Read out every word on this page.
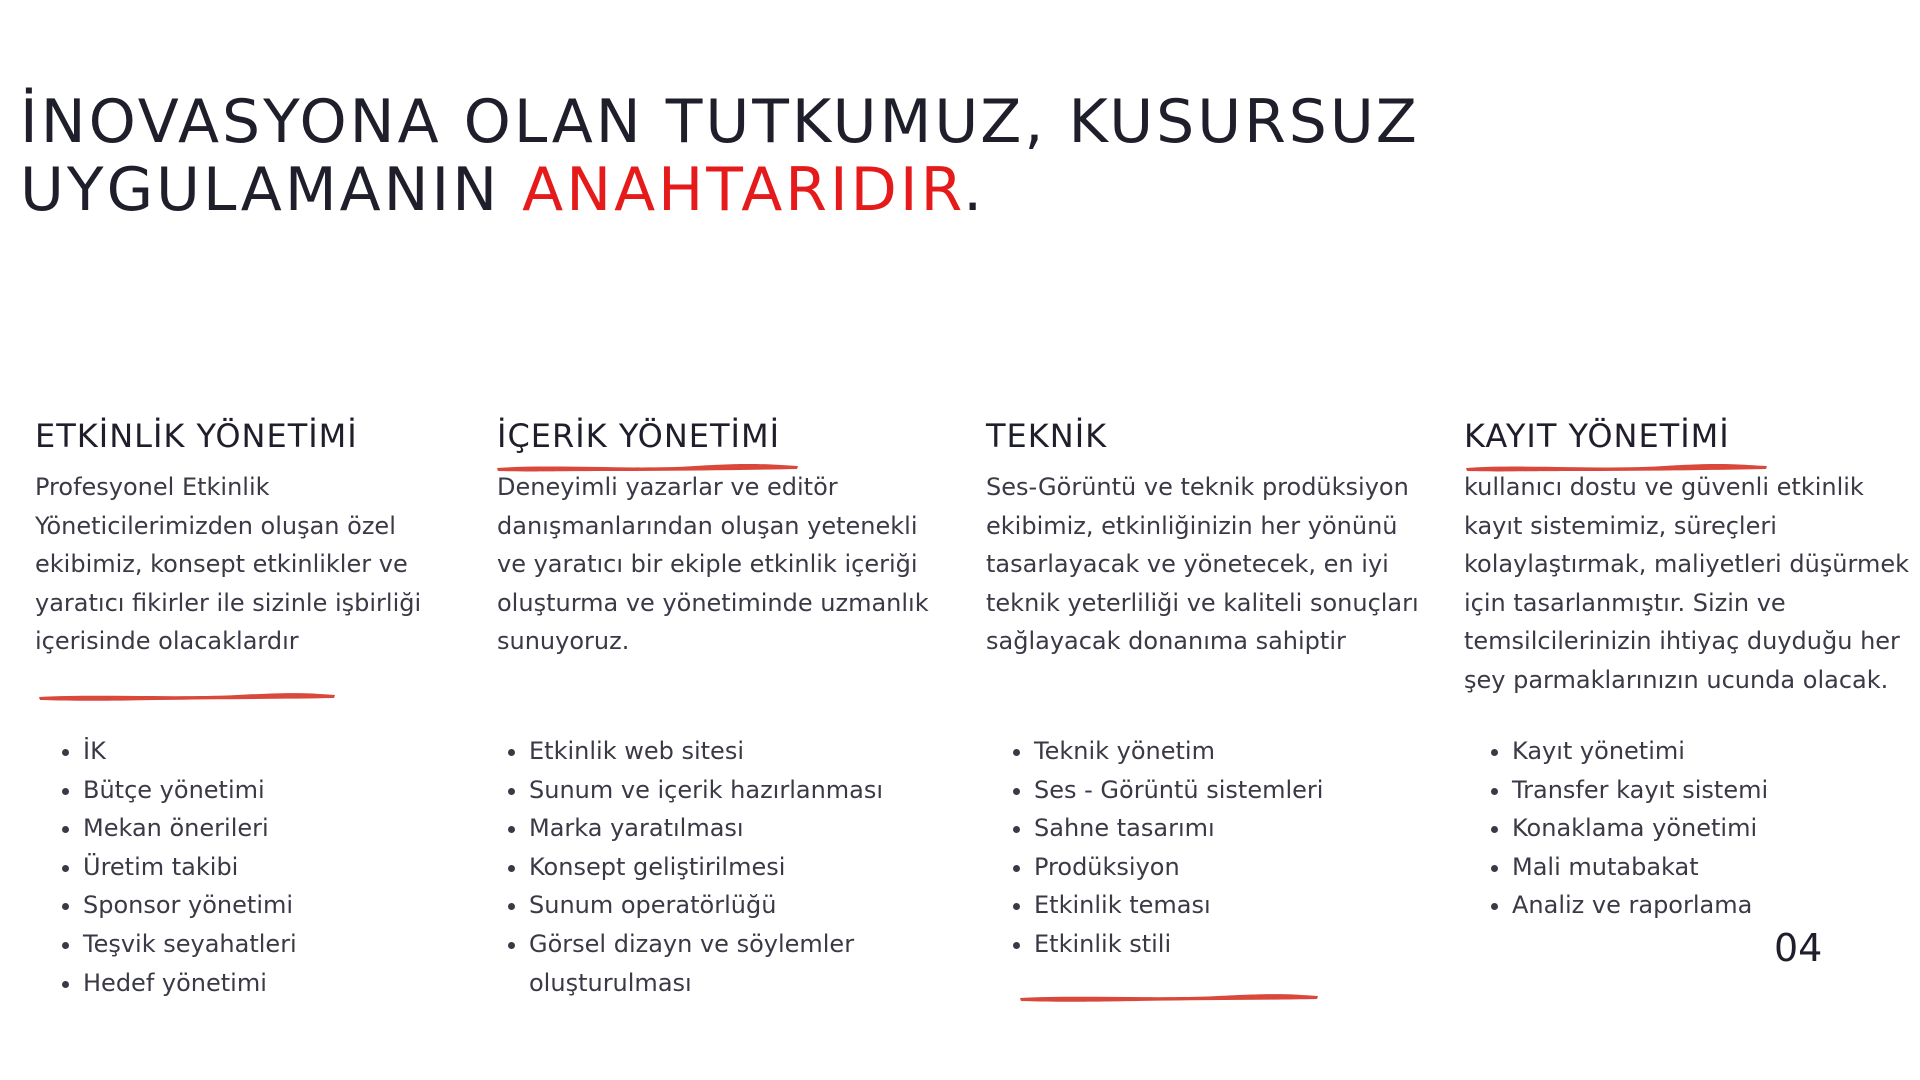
İNOVASYONA OLAN TUTKUMUZ, KUSURSUZ
UYGULAMANIN ANAHTARIDIR.
ETKİNLİK YÖNETİMİ

Profesyonel Etkinlik Yöneticilerimizden oluşan özel ekibimiz, konsept etkinlikler ve yaratıcı fikirler ile sizinle işbirliği içerisinde olacaklardır

• İK
• Bütçe yönetimi
• Mekan önerileri
• Üretim takibi
• Sponsor yönetimi
• Teşvik seyahatleri
• Hedef yönetimi
İÇERİK YÖNETİMİ

Deneyimli yazarlar ve editör danışmanlarından oluşan yetenekli ve yaratıcı bir ekiple etkinlik içeriği oluşturma ve yönetiminde uzmanlık sunuyoruz.

• Etkinlik web sitesi
• Sunum ve içerik hazırlanması
• Marka yaratılması
• Konsept geliştirilmesi
• Sunum operatörlüğü
• Görsel dizayn ve söylemler oluşturulması
TEKNİK

Ses-Görüntü ve teknik prodüksiyon ekibimiz, etkinliğinizin her yönünü tasarlayacak ve yönetecek, en iyi teknik yeterliliği ve kaliteli sonuçları sağlayacak donanıma sahiptir

• Teknik yönetim
• Ses - Görüntü sistemleri
• Sahne tasarımı
• Prodüksiyon
• Etkinlik teması
• Etkinlik stili
KAYIT YÖNETİMİ

kullanıcı dostu ve güvenli etkinlik kayıt sistemimiz, süreçleri kolaylaştırmak, maliyetleri düşürmek için tasarlanmıştır. Sizin ve temsilcilerinizin ihtiyaç duyduğu her şey parmaklarınızın ucunda olacak.

• Kayıt yönetimi
• Transfer kayıt sistemi
• Konaklama yönetimi
• Mali mutabakat
• Analiz ve raporlama
04
